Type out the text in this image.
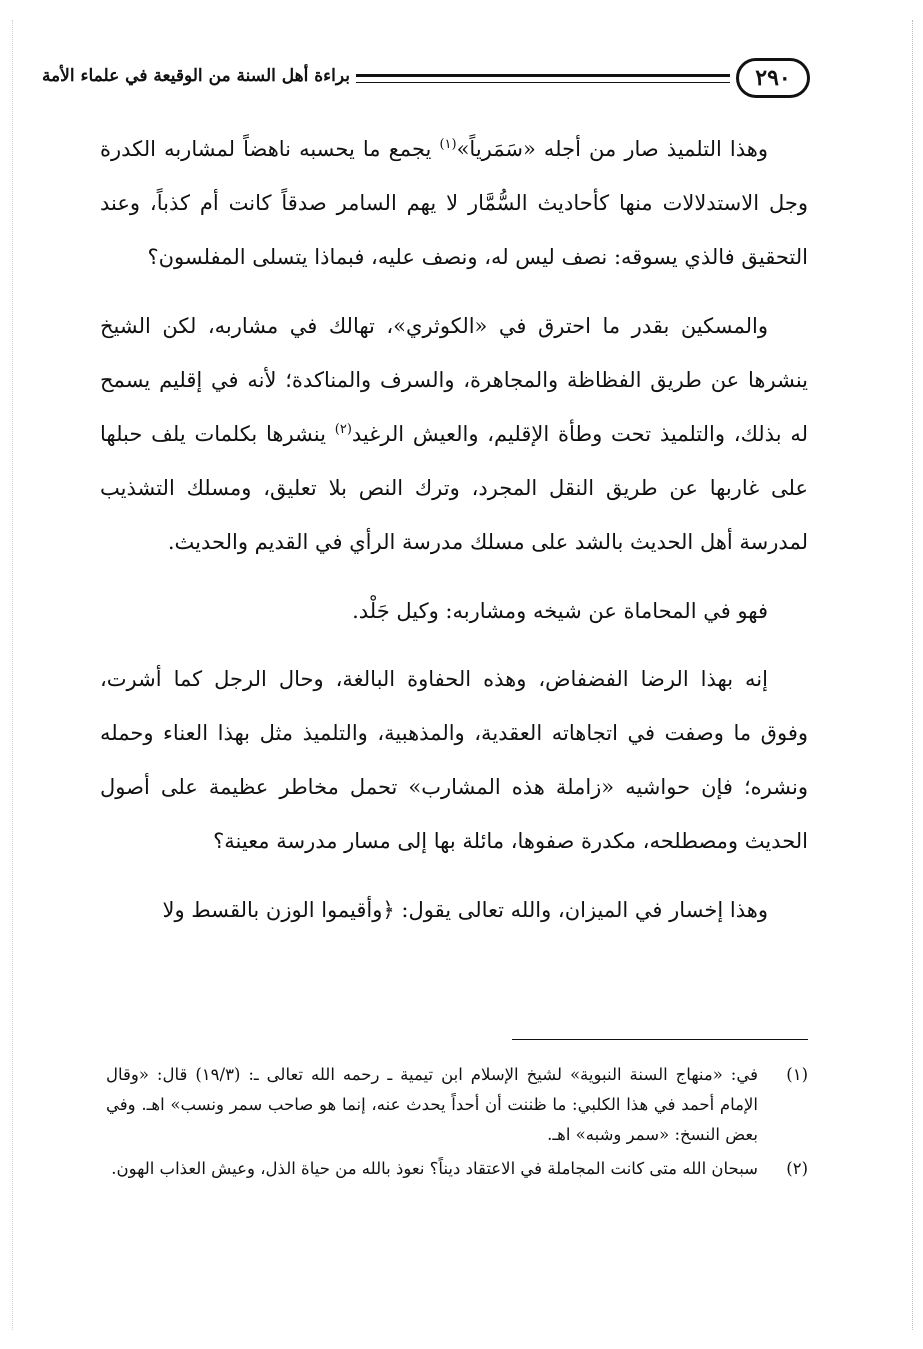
براءة أهل السنة من الوقيعة في علماء الأمة	٢٩٠

وهذا التلميذ صار من أجله «سَمَرياً»$^{(١)}$ يجمع ما يحسبه ناهضاً لمشاربه الكدرة وجل الاستدلالات منها كأحاديث السُّمَّار لا يهم السامر صدقاً كانت أم كذباً، وعند التحقيق فالذي يسوقه: نصف ليس له، ونصف عليه، فبماذا يتسلى المفلسون؟

والمسكين بقدر ما احترق في «الكوثري»، تهالك في مشاربه، لكن الشيخ ينشرها عن طريق الفظاظة والمجاهرة، والسرف والمناكدة؛ لأنه في إقليم يسمح له بذلك، والتلميذ تحت وطأة الإقليم، والعيش الرغيد$^{(٢)}$ ينشرها بكلمات يلف حبلها على غاربها عن طريق النقل المجرد، وترك النص بلا تعليق، ومسلك التشذيب لمدرسة أهل الحديث بالشد على مسلك مدرسة الرأي في القديم والحديث.

فهو في المحاماة عن شيخه ومشاربه: وكيل جَلْد.

إنه بهذا الرضا الفضفاض، وهذه الحفاوة البالغة، وحال الرجل كما أشرت، وفوق ما وصفت في اتجاهاته العقدية، والمذهبية، والتلميذ مثل بهذا العناء وحمله ونشره؛ فإن حواشيه «زاملة هذه المشارب» تحمل مخاطر عظيمة على أصول الحديث ومصطلحه، مكدرة صفوها، مائلة بها إلى مسار مدرسة معينة؟

وهذا إخسار في الميزان، والله تعالى يقول: ﴿وأقيموا الوزن بالقسط ولا

(١)

في: «منهاج السنة النبوية» لشيخ الإسلام ابن تيمية ـ رحمه الله تعالى ـ: (١٩/٣) قال: «وقال الإمام أحمد في هذا الكلبي: ما ظننت أن أحداً يحدث عنه، إنما هو صاحب سمر ونسب» اهـ. وفي بعض النسخ: «سمر وشبه» اهـ.

(٢)

سبحان الله متى كانت المجاملة في الاعتقاد ديناً؟ نعوذ بالله من حياة الذل، وعيش العذاب الهون.
